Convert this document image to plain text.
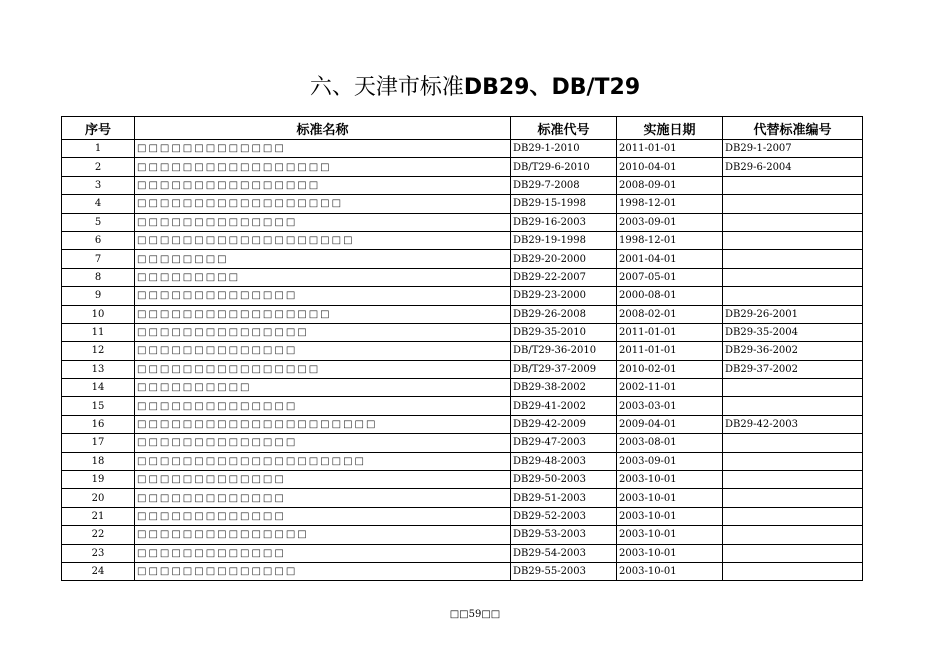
六、天津市标准DB29、DB/T29
序号	标准名称	标准代号	实施日期	代替标准编号
1	□□□□□□□□□□□□□	DB29-1-2010	2011-01-01	DB29-1-2007
2	□□□□□□□□□□□□□□□□□	DB/T29-6-2010	2010-04-01	DB29-6-2004
3	□□□□□□□□□□□□□□□□	DB29-7-2008	2008-09-01	
4	□□□□□□□□□□□□□□□□□□	DB29-15-1998	1998-12-01	
5	□□□□□□□□□□□□□□	DB29-16-2003	2003-09-01	
6	□□□□□□□□□□□□□□□□□□□	DB29-19-1998	1998-12-01	
7	□□□□□□□□	DB29-20-2000	2001-04-01	
8	□□□□□□□□□	DB29-22-2007	2007-05-01	
9	□□□□□□□□□□□□□□	DB29-23-2000	2000-08-01	
10	□□□□□□□□□□□□□□□□□	DB29-26-2008	2008-02-01	DB29-26-2001
11	□□□□□□□□□□□□□□□	DB29-35-2010	2011-01-01	DB29-35-2004
12	□□□□□□□□□□□□□□	DB/T29-36-2010	2011-01-01	DB29-36-2002
13	□□□□□□□□□□□□□□□□	DB/T29-37-2009	2010-02-01	DB29-37-2002
14	□□□□□□□□□□	DB29-38-2002	2002-11-01	
15	□□□□□□□□□□□□□□	DB29-41-2002	2003-03-01	
16	□□□□□□□□□□□□□□□□□□□□□	DB29-42-2009	2009-04-01	DB29-42-2003
17	□□□□□□□□□□□□□□	DB29-47-2003	2003-08-01	
18	□□□□□□□□□□□□□□□□□□□□	DB29-48-2003	2003-09-01	
19	□□□□□□□□□□□□□	DB29-50-2003	2003-10-01	
20	□□□□□□□□□□□□□	DB29-51-2003	2003-10-01	
21	□□□□□□□□□□□□□	DB29-52-2003	2003-10-01	
22	□□□□□□□□□□□□□□□	DB29-53-2003	2003-10-01	
23	□□□□□□□□□□□□□	DB29-54-2003	2003-10-01	
24	□□□□□□□□□□□□□□	DB29-55-2003	2003-10-01	
□□59□□
